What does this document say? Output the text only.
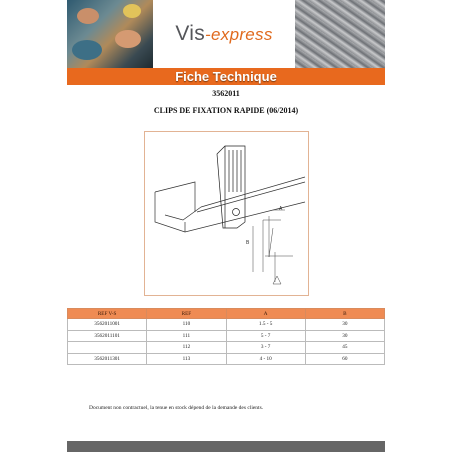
Vis-express
Fiche Technique
3562011
CLIPS DE FIXATION RAPIDE (06/2014)
A
B
REF V-S	REF	A	B
3562011001	110	1.5 - 5	30
3562011101	111	5 - 7	30
	112	3 - 7	45
3562011301	113	4 - 10	60
Document non contractuel, la tenue en stock dépend de la demande des clients.
